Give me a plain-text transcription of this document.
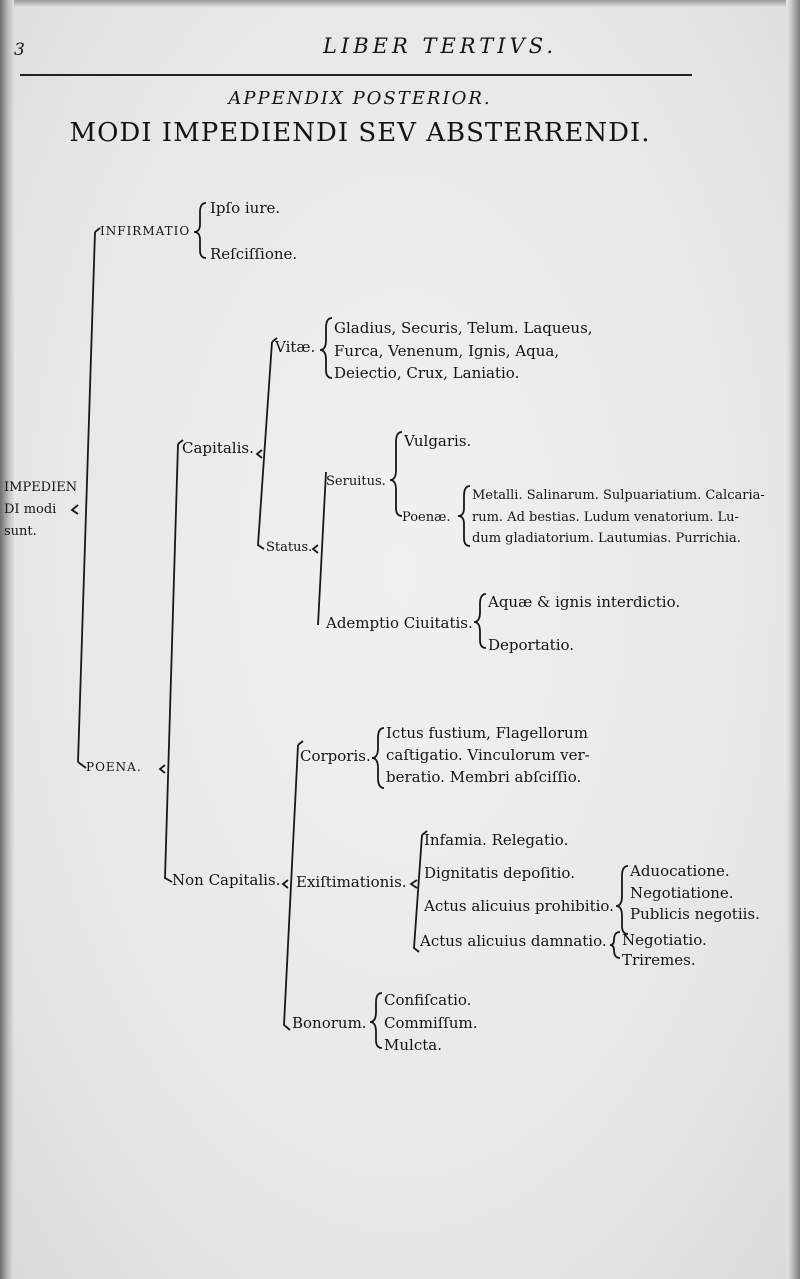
3	LIBER TERTIVS.
APPENDIX POSTERIOR.
MODI IMPEDIENDI SEV ABSTERRENDI.
IMPEDIEN
DI modi
sunt.
INFIRMATIO
Ipſo iure.
Reſciſſione.
POENA.
Capitalis.
Vitæ.
Gladius, Securis, Telum. Laqueus,
Furca, Venenum, Ignis, Aqua,
Deiectio, Crux, Laniatio.
Status.
Seruitus.
Vulgaris.
Poenæ.
Metalli. Salinarum. Sulpuariatium. Calcaria-
rum. Ad bestias. Ludum venatorium. Lu-
dum gladiatorium. Lautumias. Purrichia.
Ademptio Ciuitatis.
Aquæ & ignis interdictio.
Deportatio.
Non Capitalis.
Corporis.
Ictus fustium, Flagellorum
caſtigatio. Vinculorum ver-
beratio. Membri abſciſſio.
Exiſtimationis.
Infamia. Relegatio.
Dignitatis depoſitio.
Actus alicuius prohibitio.
Actus alicuius damnatio.
Aduocatione.
Negotiatione.
Publicis negotiis.
Negotiatio.
Triremes.
Bonorum.
Confiſcatio.
Commiſſum.
Mulcta.
